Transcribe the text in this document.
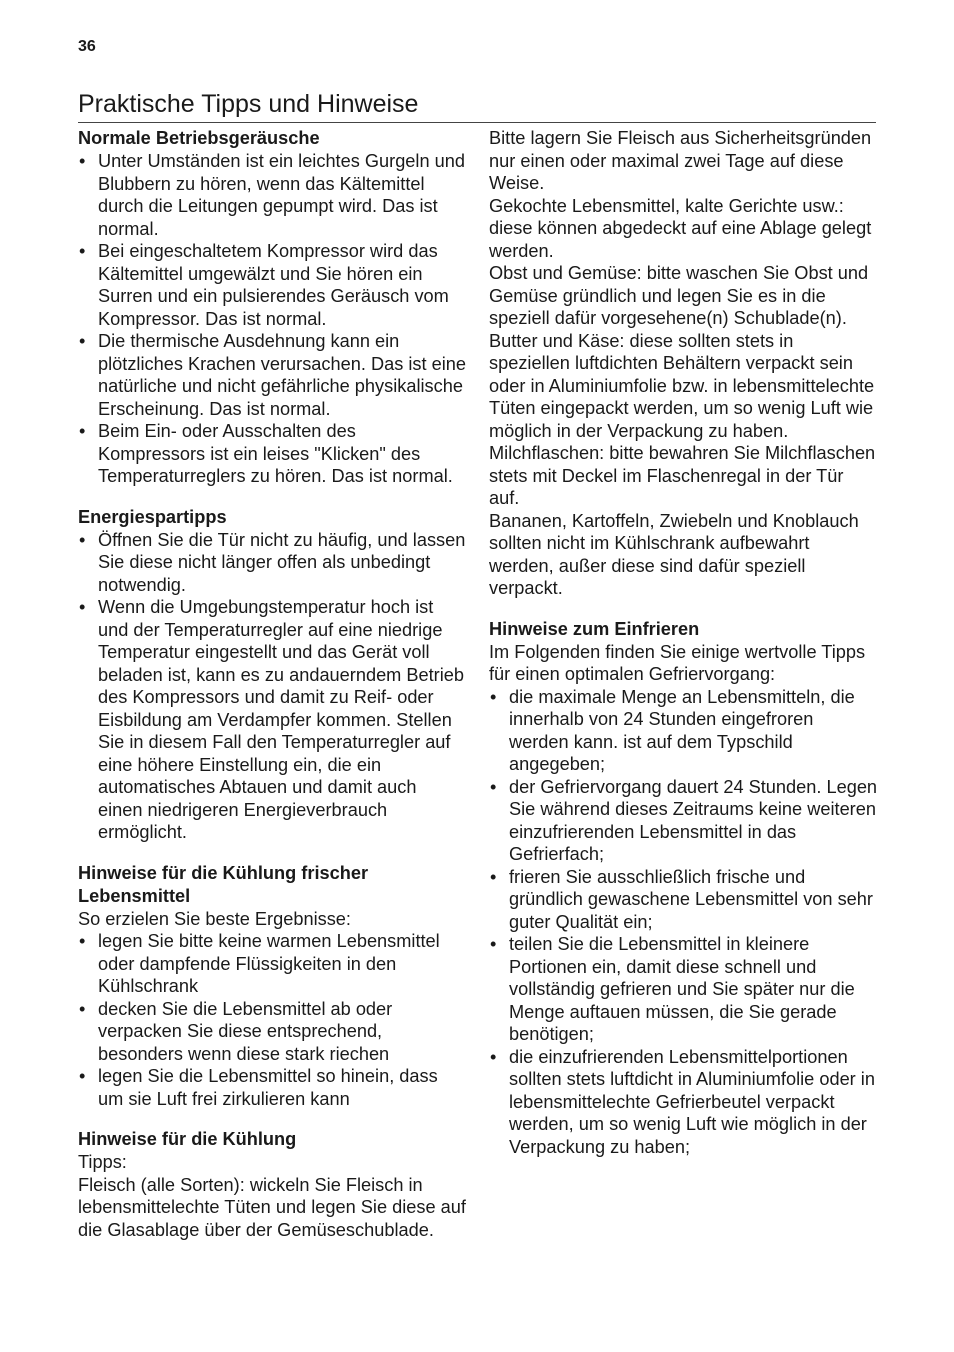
36
Praktische Tipps und Hinweise
Normale Betriebsgeräusche
• Unter Umständen ist ein leichtes Gurgeln und Blubbern zu hören, wenn das Kältemittel durch die Leitungen gepumpt wird. Das ist normal.
• Bei eingeschaltetem Kompressor wird das Kältemittel umgewälzt und Sie hören ein Surren und ein pulsierendes Geräusch vom Kompressor. Das ist normal.
• Die thermische Ausdehnung kann ein plötzliches Krachen verursachen. Das ist eine natürliche und nicht gefährliche physikalische Erscheinung. Das ist normal.
• Beim Ein- oder Ausschalten des Kompressors ist ein leises "Klicken" des Temperaturreglers zu hören. Das ist normal.
Energiespartipps
• Öffnen Sie die Tür nicht zu häufig, und lassen Sie diese nicht länger offen als unbedingt notwendig.
• Wenn die Umgebungstemperatur hoch ist und der Temperaturregler auf eine niedrige Temperatur eingestellt und das Gerät voll beladen ist, kann es zu andauerndem Betrieb des Kompressors und damit zu Reif- oder Eisbildung am Verdampfer kommen. Stellen Sie in diesem Fall den Temperaturregler auf eine höhere Einstellung ein, die ein automatisches Abtauen und damit auch einen niedrigeren Energieverbrauch ermöglicht.
Hinweise für die Kühlung frischer Lebensmittel

So erzielen Sie beste Ergebnisse:

• legen Sie bitte keine warmen Lebensmittel oder dampfende Flüssigkeiten in den Kühlschrank
• decken Sie die Lebensmittel ab oder verpacken Sie diese entsprechend, besonders wenn diese stark riechen
• legen Sie die Lebensmittel so hinein, dass um sie Luft frei zirkulieren kann
Hinweise für die Kühlung

Tipps:

Fleisch (alle Sorten): wickeln Sie Fleisch in lebensmittelechte Tüten und legen Sie diese auf die Glasablage über der Gemüseschublade.

Bitte lagern Sie Fleisch aus Sicherheitsgründen nur einen oder maximal zwei Tage auf diese Weise.

Gekochte Lebensmittel, kalte Gerichte usw.: diese können abgedeckt auf eine Ablage gelegt werden.

Obst und Gemüse: bitte waschen Sie Obst und Gemüse gründlich und legen Sie es in die speziell dafür vorgesehene(n) Schublade(n).

Butter und Käse: diese sollten stets in speziellen luftdichten Behältern verpackt sein oder in Aluminiumfolie bzw. in lebensmittelechte Tüten eingepackt werden, um so wenig Luft wie möglich in der Verpackung zu haben.

Milchflaschen: bitte bewahren Sie Milchflaschen stets mit Deckel im Flaschenregal in der Tür auf.

Bananen, Kartoffeln, Zwiebeln und Knoblauch sollten nicht im Kühlschrank aufbewahrt werden, außer diese sind dafür speziell verpackt.

Hinweise zum Einfrieren

Im Folgenden finden Sie einige wertvolle Tipps für einen optimalen Gefriervorgang:

• die maximale Menge an Lebensmitteln, die innerhalb von 24 Stunden eingefroren werden kann. ist auf dem Typschild angegeben;
• der Gefriervorgang dauert 24 Stunden. Legen Sie während dieses Zeitraums keine weiteren einzufrierenden Lebensmittel in das Gefrierfach;
• frieren Sie ausschließlich frische und gründlich gewaschene Lebensmittel von sehr guter Qualität ein;
• teilen Sie die Lebensmittel in kleinere Portionen ein, damit diese schnell und vollständig gefrieren und Sie später nur die Menge auftauen müssen, die Sie gerade benötigen;
• die einzufrierenden Lebensmittelportionen sollten stets luftdicht in Aluminiumfolie oder in lebensmittelechte Gefrierbeutel verpackt werden, um so wenig Luft wie möglich in der Verpackung zu haben;
